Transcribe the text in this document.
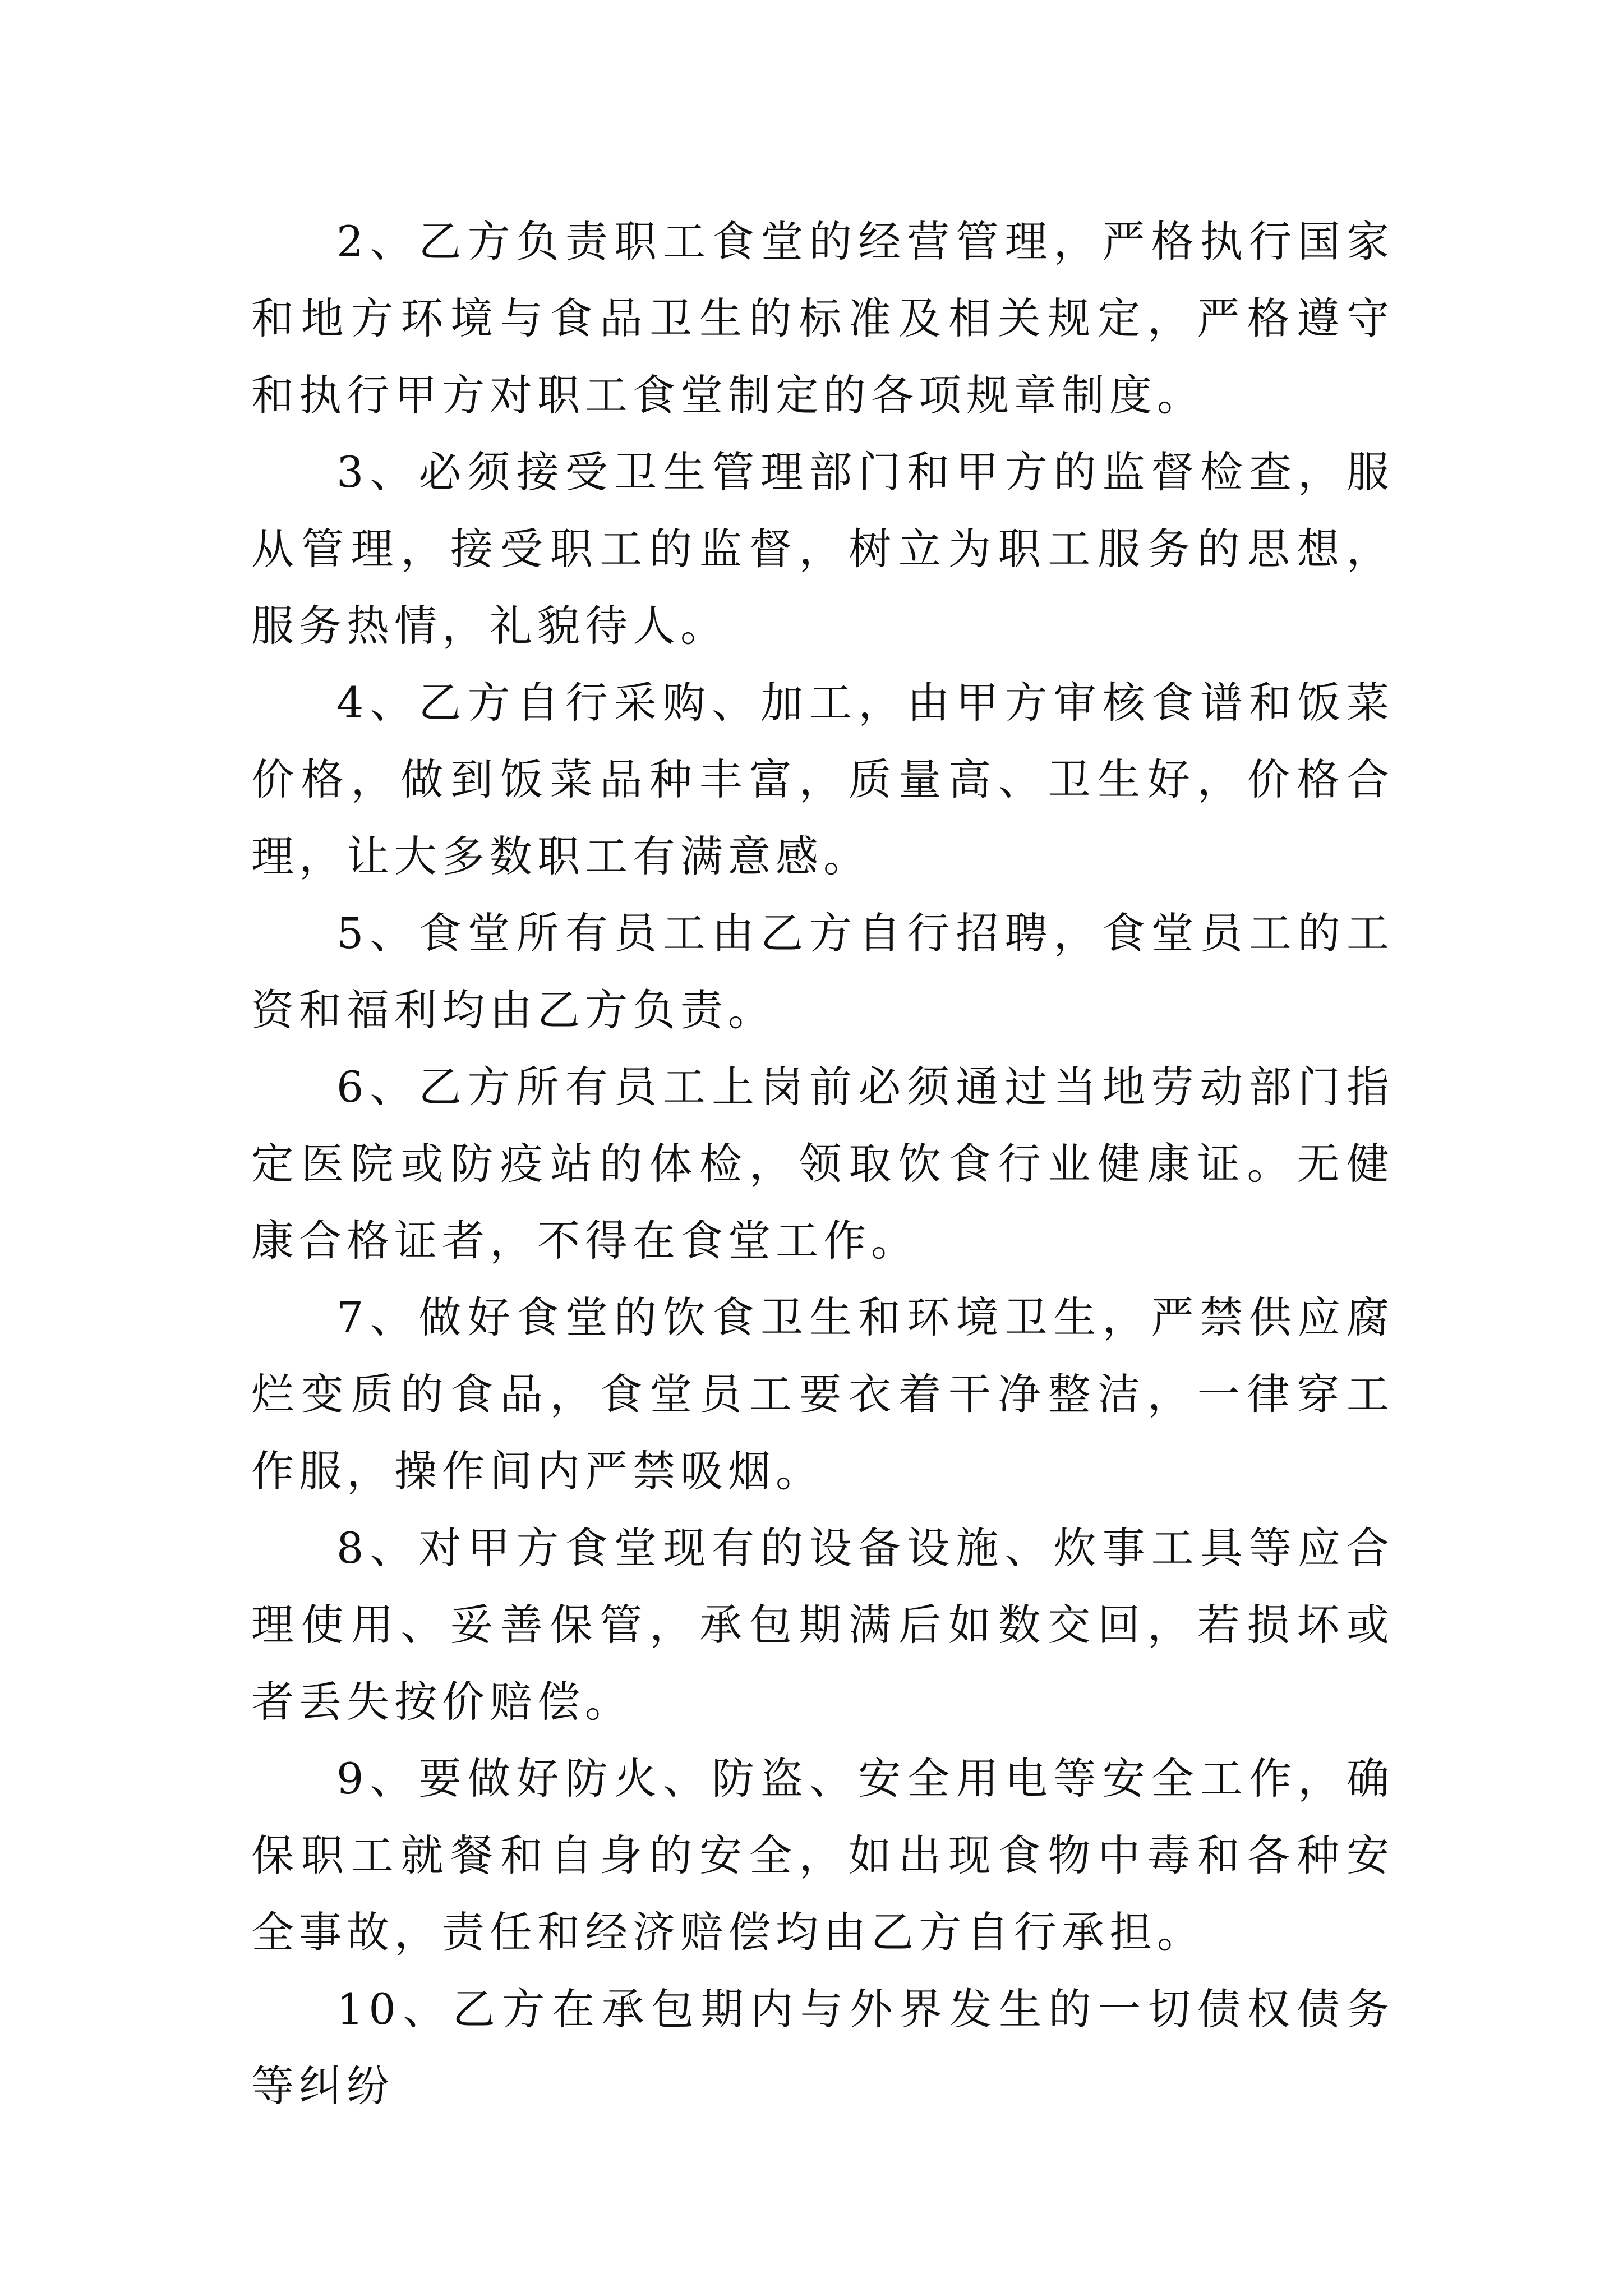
2、乙方负责职工食堂的经营管理，严格执行国家和地方环境与食品卫生的标准及相关规定，严格遵守和执行甲方对职工食堂制定的各项规章制度。

3、必须接受卫生管理部门和甲方的监督检查，服从管理，接受职工的监督，树立为职工服务的思想，服务热情，礼貌待人。

4、乙方自行采购、加工，由甲方审核食谱和饭菜价格，做到饭菜品种丰富，质量高、卫生好，价格合理，让大多数职工有满意感。

5、食堂所有员工由乙方自行招聘，食堂员工的工资和福利均由乙方负责。

6、乙方所有员工上岗前必须通过当地劳动部门指定医院或防疫站的体检，领取饮食行业健康证。无健康合格证者，不得在食堂工作。

7、做好食堂的饮食卫生和环境卫生，严禁供应腐烂变质的食品，食堂员工要衣着干净整洁，一律穿工作服，操作间内严禁吸烟。

8、对甲方食堂现有的设备设施、炊事工具等应合理使用、妥善保管，承包期满后如数交回，若损坏或者丢失按价赔偿。

9、要做好防火、防盗、安全用电等安全工作，确保职工就餐和自身的安全，如出现食物中毒和各种安全事故，责任和经济赔偿均由乙方自行承担。

10、乙方在承包期内与外界发生的一切债权债务等纠纷
